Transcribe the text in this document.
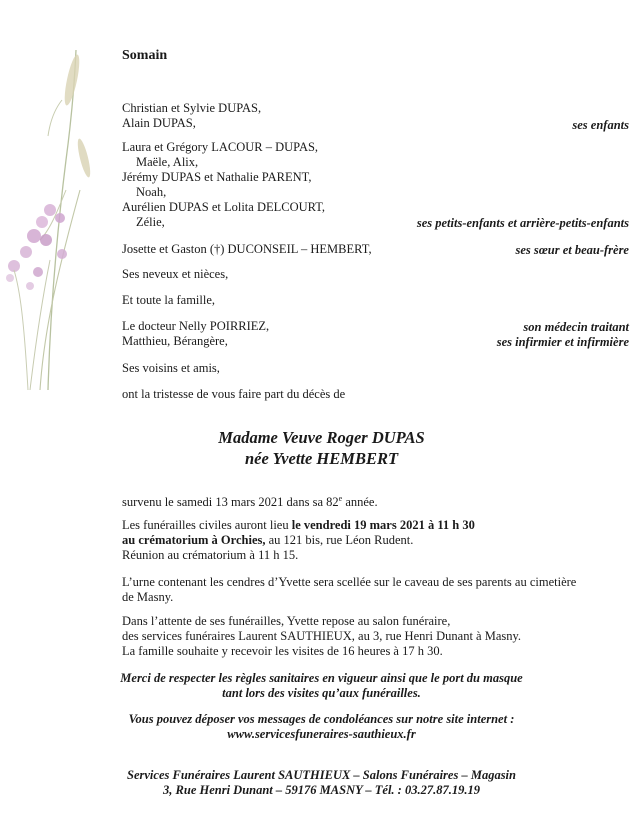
Somain
Christian et Sylvie DUPAS,
Alain DUPAS,	ses enfants
Laura et Grégory LACOUR – DUPAS,
Maële, Alix,
Jérémy DUPAS et Nathalie PARENT,
Noah,
Aurélien DUPAS et Lolita DELCOURT,
Zélie,	ses petits-enfants et arrière-petits-enfants
Josette et Gaston (†) DUCONSEIL – HEMBERT,	ses sœur et beau-frère
Ses neveux et nièces,
Et toute la famille,
Le docteur Nelly POIRRIEZ,	son médecin traitant
Matthieu, Bérangère,	ses infirmier et infirmière
Ses voisins et amis,
ont la tristesse de vous faire part du décès de
Madame Veuve Roger DUPAS
née Yvette HEMBERT
survenu le samedi 13 mars 2021 dans sa 82e année.
Les funérailles civiles auront lieu le vendredi 19 mars 2021 à 11 h 30
au crématorium à Orchies, au 121 bis, rue Léon Rudent.
Réunion au crématorium à 11 h 15.
L’urne contenant les cendres d’Yvette sera scellée sur le caveau de ses parents au cimetière
de Masny.
Dans l’attente de ses funérailles, Yvette repose au salon funéraire,
des services funéraires Laurent SAUTHIEUX, au 3, rue Henri Dunant à Masny.
La famille souhaite y recevoir les visites de 16 heures à 17 h 30.
Merci de respecter les règles sanitaires en vigueur ainsi que le port du masque
tant lors des visites qu’aux funérailles.
Vous pouvez déposer vos messages de condoléances sur notre site internet :
www.servicesfuneraires-sauthieux.fr
Services Funéraires Laurent SAUTHIEUX – Salons Funéraires – Magasin
3, Rue Henri Dunant – 59176 MASNY – Tél. : 03.27.87.19.19
